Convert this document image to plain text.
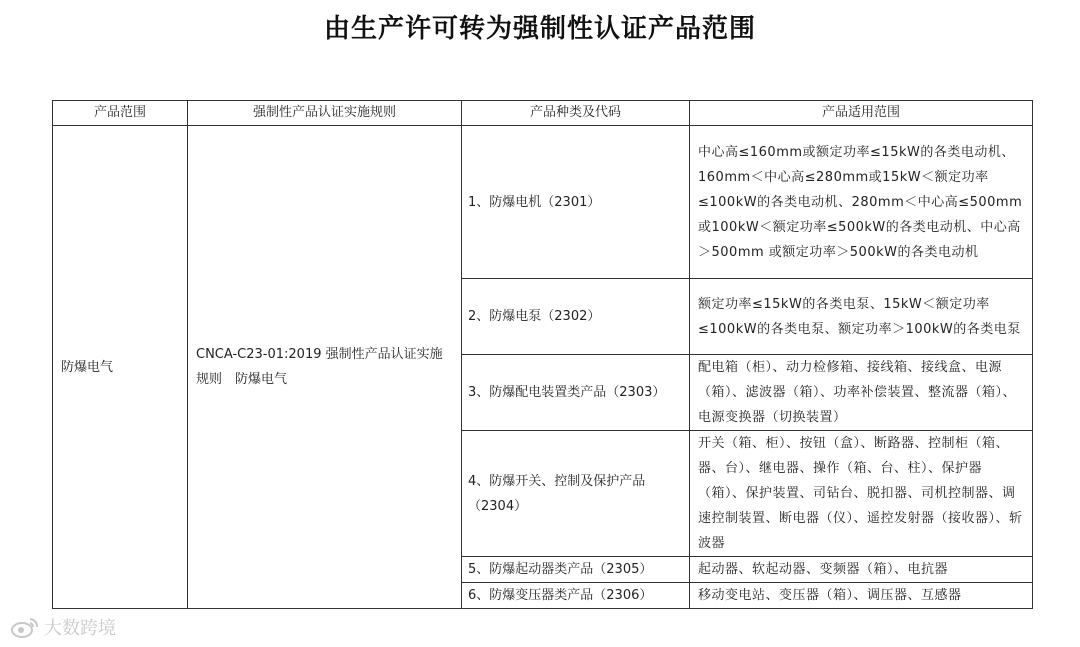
由生产许可转为强制性认证产品范围
产品范围	强制性产品认证实施规则	产品种类及代码	产品适用范围
防爆电气	CNCA-C23-01:2019 强制性产品认证实施规则　防爆电气	1、防爆电机（2301）	中心高≤160mm或额定功率≤15kW的各类电动机、160mm＜中心高≤280mm或15kW＜额定功率≤100kW的各类电动机、280mm＜中心高≤500mm或100kW＜额定功率≤500kW的各类电动机、中心高＞500mm 或额定功率＞500kW的各类电动机
		2、防爆电泵（2302）	额定功率≤15kW的各类电泵、15kW＜额定功率≤100kW的各类电泵、额定功率＞100kW的各类电泵
		3、防爆配电装置类产品（2303）	配电箱（柜）、动力检修箱、接线箱、接线盒、电源（箱）、滤波器（箱）、功率补偿装置、整流器（箱）、电源变换器（切换装置）
		4、防爆开关、控制及保护产品（2304）	开关（箱、柜）、按钮（盒）、断路器、控制柜（箱、器、台）、继电器、操作（箱、台、柱）、保护器（箱）、保护装置、司钻台、脱扣器、司机控制器、调速控制装置、断电器（仪）、遥控发射器（接收器）、斩波器
		5、防爆起动器类产品（2305）	起动器、软起动器、变频器（箱）、电抗器
		6、防爆变压器类产品（2306）	移动变电站、变压器（箱）、调压器、互感器
大数跨境
